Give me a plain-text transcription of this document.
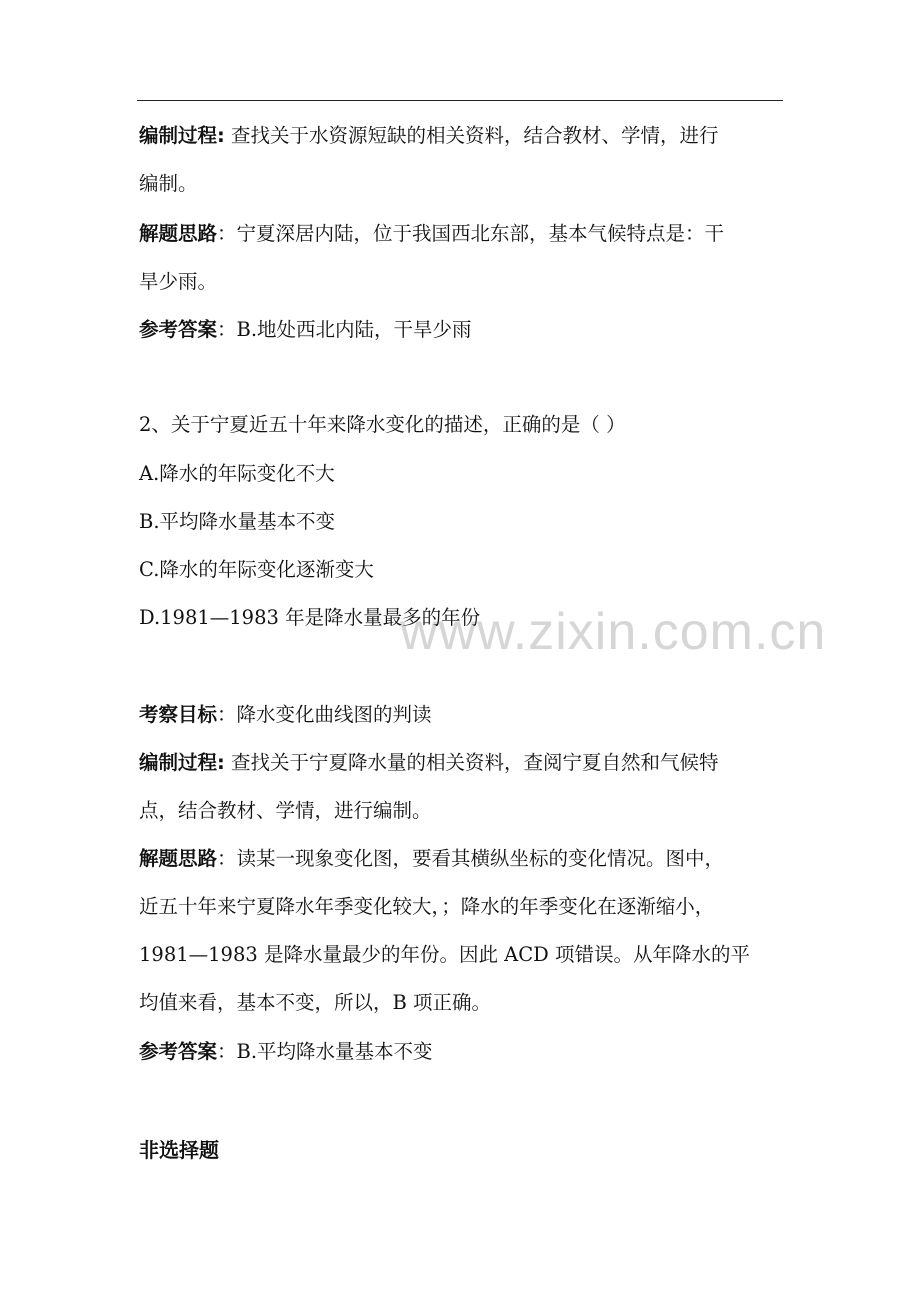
www.zixin.com.cn
编制过程: 查找关于水资源短缺的相关资料，结合教材、学情，进行
编制。
解题思路：宁夏深居内陆，位于我国西北东部，基本气候特点是：干
旱少雨。
参考答案：B.地处西北内陆，干旱少雨
2、关于宁夏近五十年来降水变化的描述，正确的是（ ）
A.降水的年际变化不大
B.平均降水量基本不变
C.降水的年际变化逐渐变大
D.1981—1983 年是降水量最多的年份
考察目标：降水变化曲线图的判读
编制过程: 查找关于宁夏降水量的相关资料，查阅宁夏自然和气候特
点，结合教材、学情，进行编制。
解题思路：读某一现象变化图，要看其横纵坐标的变化情况。图中，
近五十年来宁夏降水年季变化较大，；降水的年季变化在逐渐缩小，
1981—1983 是降水量最少的年份。因此 ACD 项错误。从年降水的平
均值来看，基本不变，所以，B 项正确。
参考答案：B.平均降水量基本不变
非选择题
